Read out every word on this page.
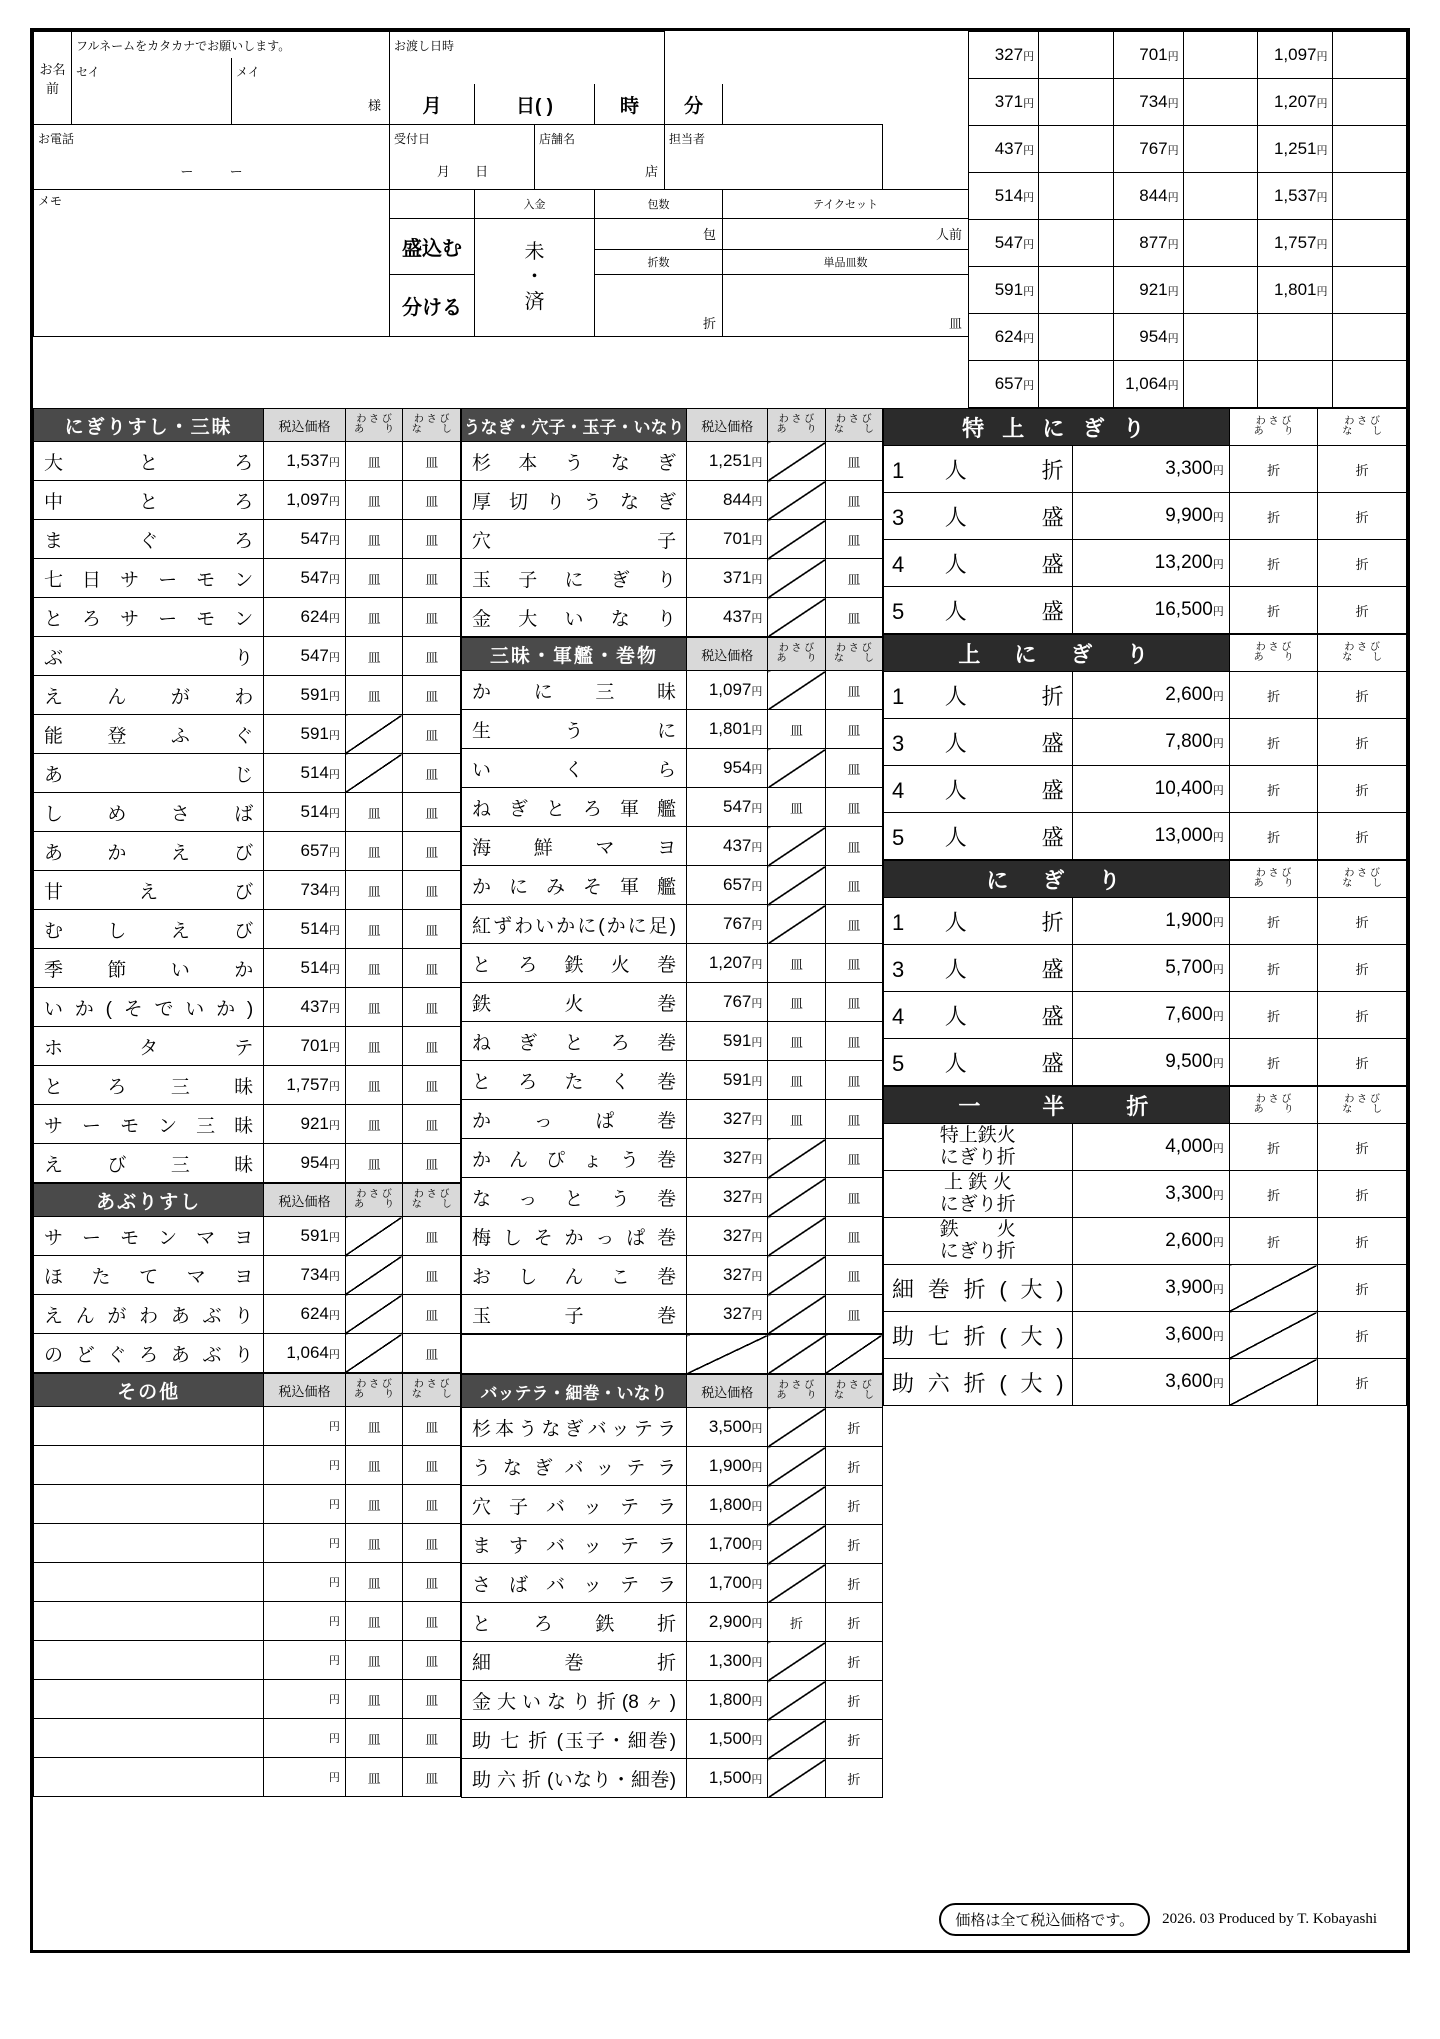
お名前	フルネームをカタカナでお願いします。		お渡し日時							
	セイ	メイ								
		様	月	日( )		時	分			
お電話			受付日		店舗名		担当者			
ー ー			月 日		店					
メモ				入金		包数		テイクセット		
			盛込む	未
・
済		包		人前		
						折数		単品皿数		
			分ける			折		皿		

327円		701円		1,097円	
371円		734円		1,207円	
437円		767円		1,251円	
514円		844円		1,537円	
547円		877円		1,757円	
591円		921円		1,801円	
624円		954円			
657円		1,064円			
にぎりすし・三昧	税込価格	わ さ び
あ　　り

わ さ び
な　　し

大　と　ろ	1,537円	皿	皿
中　と　ろ	1,097円	皿	皿
ま　ぐ　ろ	547円	皿	皿
七日サーモン	547円	皿	皿
とろサーモン	624円	皿	皿
ぶ　　　り	547円	皿	皿
え ん が わ	591円	皿	皿
能 登 ふ ぐ	591円		皿
あ　　　じ	514円		皿
し め さ ば	514円	皿	皿
あ か え び	657円	皿	皿
甘　え　び	734円	皿	皿
む し え び	514円	皿	皿
季 節 い か	514円	皿	皿
いか(そでいか)	437円	皿	皿
ホ　タ　テ	701円	皿	皿
と ろ 三 昧	1,757円	皿	皿
サーモン三昧	921円	皿	皿
え び 三 昧	954円	皿	皿
あぶりすし	税込価格	わ さ び
あ　　り

わ さ び
な　　し

サーモンマヨ	591円		皿
ほ た て マ ヨ	734円		皿
えんがわあぶり	624円		皿
のどぐろあぶり	1,064円		皿
その他	税込価格	わ さ び
あ　　り

わ さ び
な　　し

	円	皿	皿
	円	皿	皿
	円	皿	皿
	円	皿	皿
	円	皿	皿
	円	皿	皿
	円	皿	皿
	円	皿	皿
	円	皿	皿
	円	皿	皿
うなぎ・穴子・玉子・いなり	税込価格	わ さ び
あ　　り

わ さ び
な　　し

杉 本 う な ぎ	1,251円		皿
厚切りうなぎ	844円		皿
穴　　　子	701円		皿
玉 子 に ぎ り	371円		皿
金 大 い な り	437円		皿
三昧・軍艦・巻物	税込価格	わ さ び
あ　　り

わ さ び
な　　し

か に 三 昧	1,097円		皿
生　う　に	1,801円	皿	皿
い　く　ら	954円		皿
ねぎとろ軍艦	547円	皿	皿
海 鮮 マ ヨ	437円		皿
かにみそ軍艦	657円		皿
紅ずわいかに(かに足)	767円		皿
と ろ 鉄 火 巻	1,207円	皿	皿
鉄　火　巻	767円	皿	皿
ね ぎ と ろ 巻	591円	皿	皿
と ろ た く 巻	591円	皿	皿
か っ ぱ 巻	327円	皿	皿
かんぴょう巻	327円		皿
な っ と う 巻	327円		皿
梅しそかっぱ巻	327円		皿
お し ん こ 巻	327円		皿
玉　子　巻	327円		皿

バッテラ・細巻・いなり	税込価格	わ さ び
あ　　り

わ さ び
な　　し

杉本うなぎバッテラ	3,500円		折
う な ぎ バ ッ テ ラ	1,900円		折
穴 子 バ ッ テ ラ	1,800円		折
ま す バ ッ テ ラ	1,700円		折
さ ば バ ッ テ ラ	1,700円		折
と　ろ　鉄　折	2,900円	折	折
細　　巻　　折	1,300円		折
金大いなり折(8ヶ)	1,800円		折
助 七 折 (玉子・細巻)	1,500円		折
助 六 折 (いなり・細巻)	1,500円		折
特 上 に ぎ り	わ さ び
あ　　り

わ さ び
な　　し

1 人 折	3,300円	折	折
3 人 盛	9,900円	折	折
4 人 盛	13,200円	折	折
5 人 盛	16,500円	折	折
上　に　ぎ　り	わ さ び
あ　　り

わ さ び
な　　し

1 人 折	2,600円	折	折
3 人 盛	7,800円	折	折
4 人 盛	10,400円	折	折
5 人 盛	13,000円	折	折
に　ぎ　り	わ さ び
あ　　り

わ さ び
な　　し

1 人 折	1,900円	折	折
3 人 盛	5,700円	折	折
4 人 盛	7,600円	折	折
5 人 盛	9,500円	折	折
一　　半　　折	わ さ び
あ　　り

わ さ び
な　　し

特上鉄火
にぎり折	4,000円	折	折

上 鉄 火
にぎり折	3,300円	折	折

鉄　　火
にぎり折	2,600円	折	折
細巻折(大)	3,900円		折
助七折(大)	3,600円		折
助六折(大)	3,600円		折
価格は全て税込価格です。	2026. 03 Produced by T. Kobayashi
